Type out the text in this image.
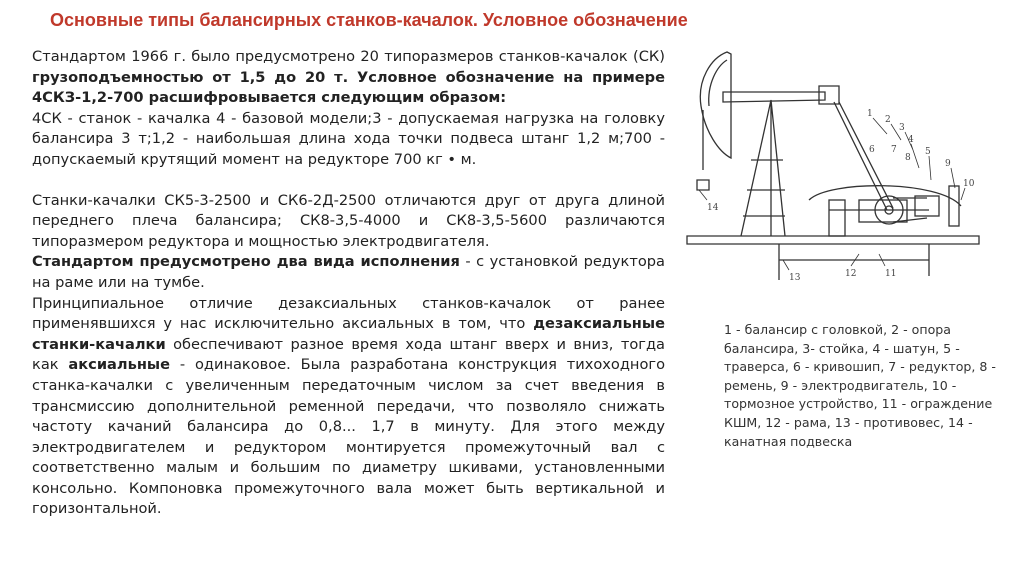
Основные типы балансирных станков-качалок. Условное обозначение

Стандартом 1966 г. было предусмотрено 20 типоразмеров станков-качалок (СК) грузоподъемностью от 1,5 до 20 т. Условное обозначение на примере 4СКЗ-1,2-700 расшифровывается следующим образом:

4СК - станок - качалка 4 - базовой модели;3 - допускаемая нагрузка на головку балансира 3 т;1,2 - наибольшая длина хода точки подвеса штанг 1,2 м;700 - допускаемый крутящий момент на редукторе 700 кг • м.

Станки-качалки СК5-3-2500 и СК6-2Д-2500 отличаются друг от друга длиной переднего плеча балансира; СК8-3,5-4000 и СК8-3,5-5600 различаются типоразмером редуктора и мощностью электродвигателя.

Стандартом предусмотрено два вида исполнения - с установкой редуктора на раме или на тумбе.

Принципиальное отличие дезаксиальных станков-качалок от ранее применявшихся у нас исключительно аксиальных в том, что дезаксиальные станки-качалки обеспечивают разное время хода штанг вверх и вниз, тогда как аксиальные - одинаковое. Была разработана конструкция тихоходного станка-качалки с увеличенным передаточным числом за счет введения в трансмиссию дополнительной ременной передачи, что позволяло снижать частоту качаний балансира до 0,8... 1,7 в минуту. Для этого между электродвигателем и редуктором монтируется промежуточный вал с соответственно малым и большим по диаметру шкивами, установленными консольно. Компоновка промежуточного вала может быть вертикальной и горизонтальной.

1
2
3
4
5
6 7
8
9
10
11
12
13
14
1 - балансир с головкой, 2 - опора балансира, 3- стойка, 4 - шатун, 5 - траверса, 6 - кривошип, 7 - редуктор, 8 - ремень, 9 - электродвигатель, 10 - тормозное устройство, 11 - ограждение КШМ, 12 - рама, 13 - противовес, 14 - канатная подвеска
